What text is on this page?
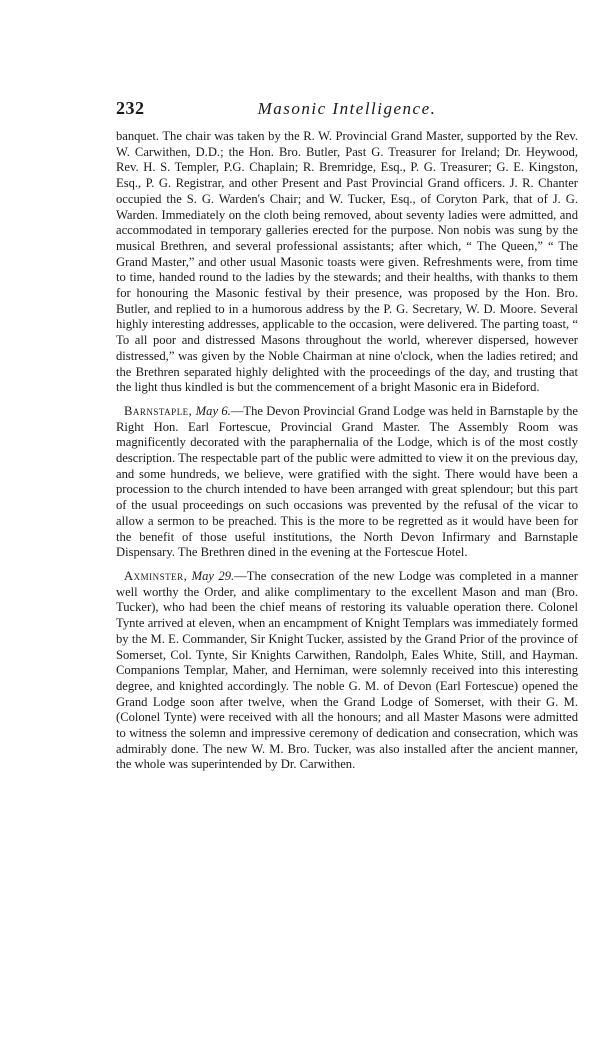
232	Masonic Intelligence.

banquet. The chair was taken by the R. W. Provincial Grand Master, supported by the Rev. W. Carwithen, D.D.; the Hon. Bro. Butler, Past G. Treasurer for Ireland; Dr. Heywood, Rev. H. S. Templer, P.G. Chaplain; R. Bremridge, Esq., P. G. Treasurer; G. E. Kingston, Esq., P. G. Registrar, and other Present and Past Provincial Grand officers. J. R. Chanter occupied the S. G. Warden's Chair; and W. Tucker, Esq., of Coryton Park, that of J. G. Warden. Immediately on the cloth being removed, about seventy ladies were admitted, and accommodated in temporary galleries erected for the purpose. Non nobis was sung by the musical Brethren, and several professional assistants; after which, “ The Queen,” “ The Grand Master,” and other usual Masonic toasts were given. Refreshments were, from time to time, handed round to the ladies by the stewards; and their healths, with thanks to them for honouring the Masonic festival by their presence, was proposed by the Hon. Bro. Butler, and replied to in a humorous address by the P. G. Secretary, W. D. Moore. Several highly interesting addresses, applicable to the occasion, were delivered. The parting toast, “ To all poor and distressed Masons throughout the world, wherever dispersed, however distressed,” was given by the Noble Chairman at nine o'clock, when the ladies retired; and the Brethren separated highly delighted with the proceedings of the day, and trusting that the light thus kindled is but the commencement of a bright Masonic era in Bideford.

Barnstaple, May 6.—The Devon Provincial Grand Lodge was held in Barnstaple by the Right Hon. Earl Fortescue, Provincial Grand Master. The Assembly Room was magnificently decorated with the paraphernalia of the Lodge, which is of the most costly description. The respectable part of the public were admitted to view it on the previous day, and some hundreds, we believe, were gratified with the sight. There would have been a procession to the church intended to have been arranged with great splendour; but this part of the usual proceedings on such occasions was prevented by the refusal of the vicar to allow a sermon to be preached. This is the more to be regretted as it would have been for the benefit of those useful institutions, the North Devon Infirmary and Barnstaple Dispensary. The Brethren dined in the evening at the Fortescue Hotel.

Axminster, May 29.—The consecration of the new Lodge was completed in a manner well worthy the Order, and alike complimentary to the excellent Mason and man (Bro. Tucker), who had been the chief means of restoring its valuable operation there. Colonel Tynte arrived at eleven, when an encampment of Knight Templars was immediately formed by the M. E. Commander, Sir Knight Tucker, assisted by the Grand Prior of the province of Somerset, Col. Tynte, Sir Knights Carwithen, Randolph, Eales White, Still, and Hayman. Companions Templar, Maher, and Herniman, were solemnly received into this interesting degree, and knighted accordingly. The noble G. M. of Devon (Earl Fortescue) opened the Grand Lodge soon after twelve, when the Grand Lodge of Somerset, with their G. M. (Colonel Tynte) were received with all the honours; and all Master Masons were admitted to witness the solemn and impressive ceremony of dedication and consecration, which was admirably done. The new W. M. Bro. Tucker, was also installed after the ancient manner, the whole was superintended by Dr. Carwithen.
